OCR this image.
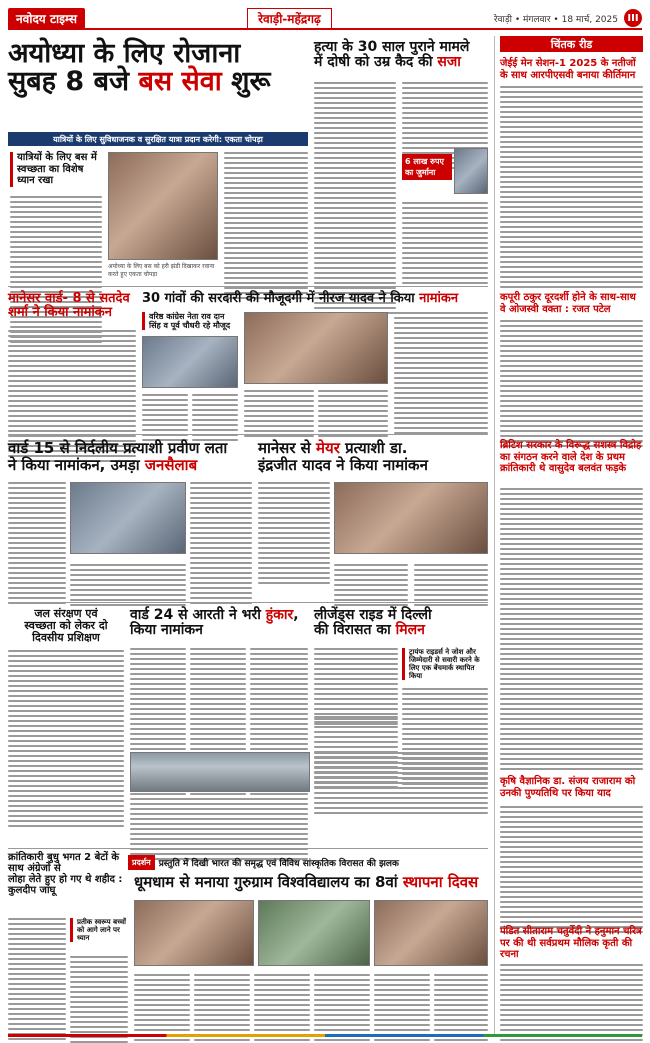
नवोदय टाइम्स	रेवाड़ी-महेंद्रगढ़	रेवाड़ी • मंगलवार • 18 मार्च, 2025 III
अयोध्या के लिए रोजाना
सुबह 8 बजे बस सेवा शुरू
यात्रियों के लिए सुविधाजनक व सुरक्षित यात्रा प्रदान करेगी: एकता चोपड़ा
यात्रियों के लिए बस में स्वच्छता का विशेष ध्यान रखा
अयोध्या के लिए बस को हरी झंडी दिखाकर रवाना करते हुए एकता चोपड़ा
हत्या के 30 साल पुराने मामले
में दोषी को उम्र कैद की सजा
6 लाख रुपए का जुर्माना
मानेसर वार्ड- 8 से सतदेव
शर्मा ने किया नामांकन
30 गांवों की सरदारी की मौजूदगी में नीरज यादव ने किया नामांकन
वरिष्ठ कांग्रेस नेता राव दान सिंह व पूर्व चौधरी रहे मौजूद
वार्ड 15 से निर्दलीय प्रत्याशी प्रवीण लता
ने किया नामांकन, उमड़ा जनसैलाब
मानेसर से मेयर प्रत्याशी डा.
इंद्रजीत यादव ने किया नामांकन
जल संरक्षण एवं
स्वच्छता को लेकर दो
दिवसीय प्रशिक्षण
वार्ड 24 से आरती ने भरी हुंकार, किया नामांकन
लीजेंड्स राइड में दिल्ली
की विरासत का मिलन
ट्रायंफ राइडर्स ने जोश और जिम्मेदारी से सवारी करने के लिए एक बेंचमार्क स्थापित किया
क्रांतिकारी बुधु भगत 2 बेटों के साथ अंग्रेजों से
लोहा लेते हुए हो गए थे शहीद : कुलदीप जांघू
प्रतीक स्वरूप बच्चों को आगे लाने पर ध्यान
प्रदर्शन प्रस्तुति में दिखी भारत की समृद्ध एवं विविध सांस्कृतिक विरासत की झलक
धूमधाम से मनाया गुरुग्राम विश्वविद्यालय का 8वां स्थापना दिवस
चिंतक रीड
जेईई मेन सेशन-1 2025 के नतीजों के साथ आरपीएसवी बनाया कीर्तिमान
कपूरी ठकुर दूरदर्शी होने के साथ-साथ वे ओजस्वी वक्ता : रजत पटेल
ब्रिटिश सरकार के विरूद्ध सशस्त्र विद्रोह का संगठन करने वाले देश के प्रथम क्रांतिकारी थे वासुदेव बलवंत फड़के
कृषि वैज्ञानिक डा. संजय राजाराम को उनकी पुण्यतिथि पर किया याद
पंडित सीताराम चतुर्वेदी ने हनुमान चरित्र पर की थी सर्वप्रथम मौलिक कृती की रचना
